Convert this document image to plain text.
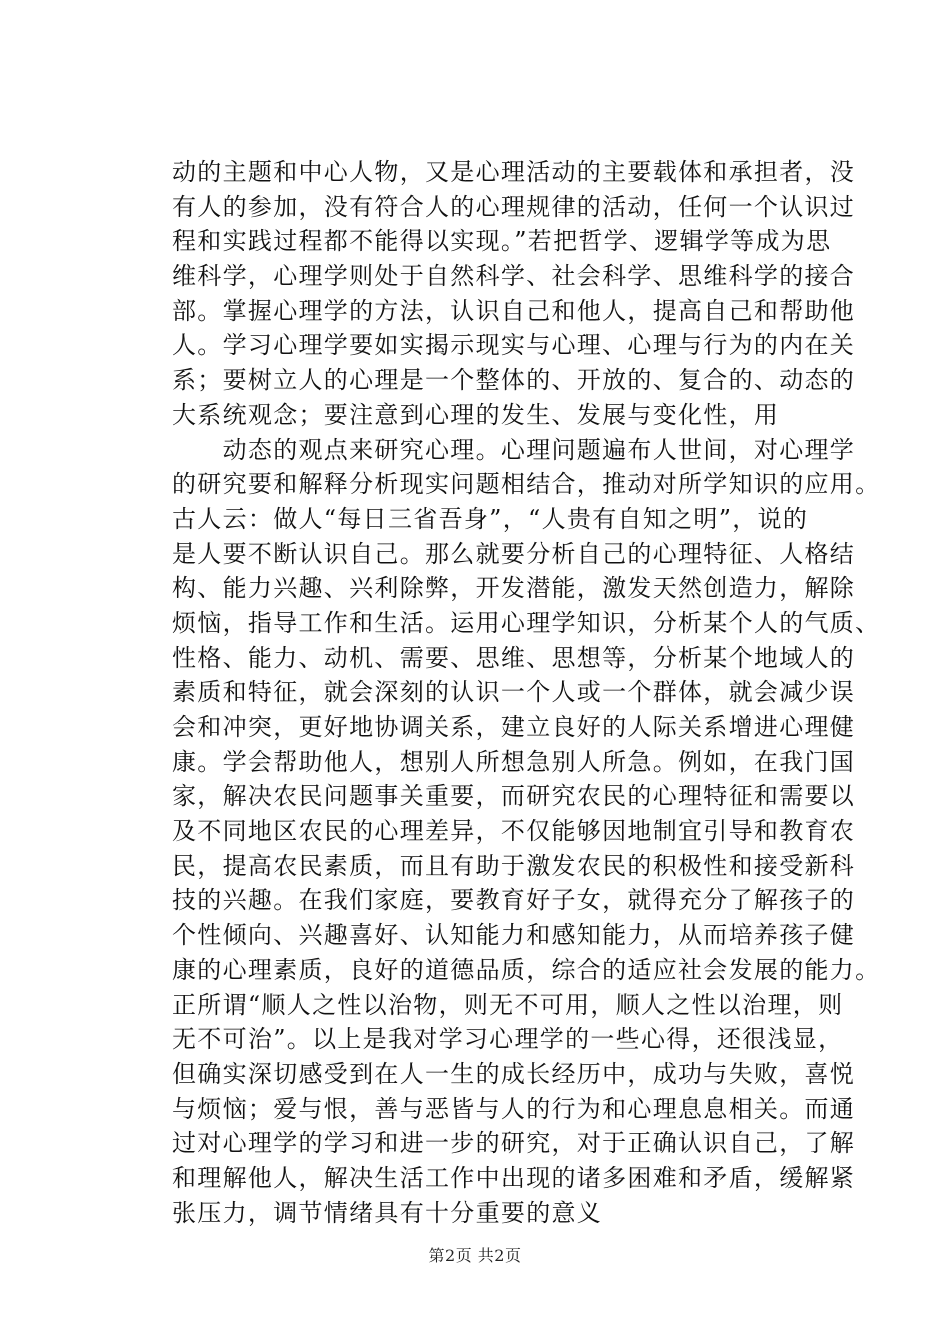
动的主题和中心人物，又是心理活动的主要载体和承担者，没
有人的参加，没有符合人的心理规律的活动，任何一个认识过
程和实践过程都不能得以实现。”若把哲学、逻辑学等成为思
维科学，心理学则处于自然科学、社会科学、思维科学的接合
部。掌握心理学的方法，认识自己和他人，提高自己和帮助他
人。学习心理学要如实揭示现实与心理、心理与行为的内在关
系；要树立人的心理是一个整体的、开放的、复合的、动态的
大系统观念；要注意到心理的发生、发展与变化性，用
　　动态的观点来研究心理。心理问题遍布人世间，对心理学
的研究要和解释分析现实问题相结合，推动对所学知识的应用。
古人云：做人“每日三省吾身”，“人贵有自知之明”，说的
是人要不断认识自己。那么就要分析自己的心理特征、人格结
构、能力兴趣、兴利除弊，开发潜能，激发天然创造力，解除
烦恼，指导工作和生活。运用心理学知识，分析某个人的气质、
性格、能力、动机、需要、思维、思想等，分析某个地域人的
素质和特征，就会深刻的认识一个人或一个群体，就会减少误
会和冲突，更好地协调关系，建立良好的人际关系增进心理健
康。学会帮助他人，想别人所想急别人所急。例如，在我门国
家，解决农民问题事关重要，而研究农民的心理特征和需要以
及不同地区农民的心理差异，不仅能够因地制宜引导和教育农
民，提高农民素质，而且有助于激发农民的积极性和接受新科
技的兴趣。在我们家庭，要教育好子女，就得充分了解孩子的
个性倾向、兴趣喜好、认知能力和感知能力，从而培养孩子健
康的心理素质，良好的道德品质，综合的适应社会发展的能力。
正所谓“顺人之性以治物，则无不可用，顺人之性以治理，则
无不可治”。以上是我对学习心理学的一些心得，还很浅显，
但确实深切感受到在人一生的成长经历中，成功与失败，喜悦
与烦恼；爱与恨，善与恶皆与人的行为和心理息息相关。而通
过对心理学的学习和进一步的研究，对于正确认识自己，了解
和理解他人，解决生活工作中出现的诸多困难和矛盾，缓解紧
张压力，调节情绪具有十分重要的意义
第2页 共2页
